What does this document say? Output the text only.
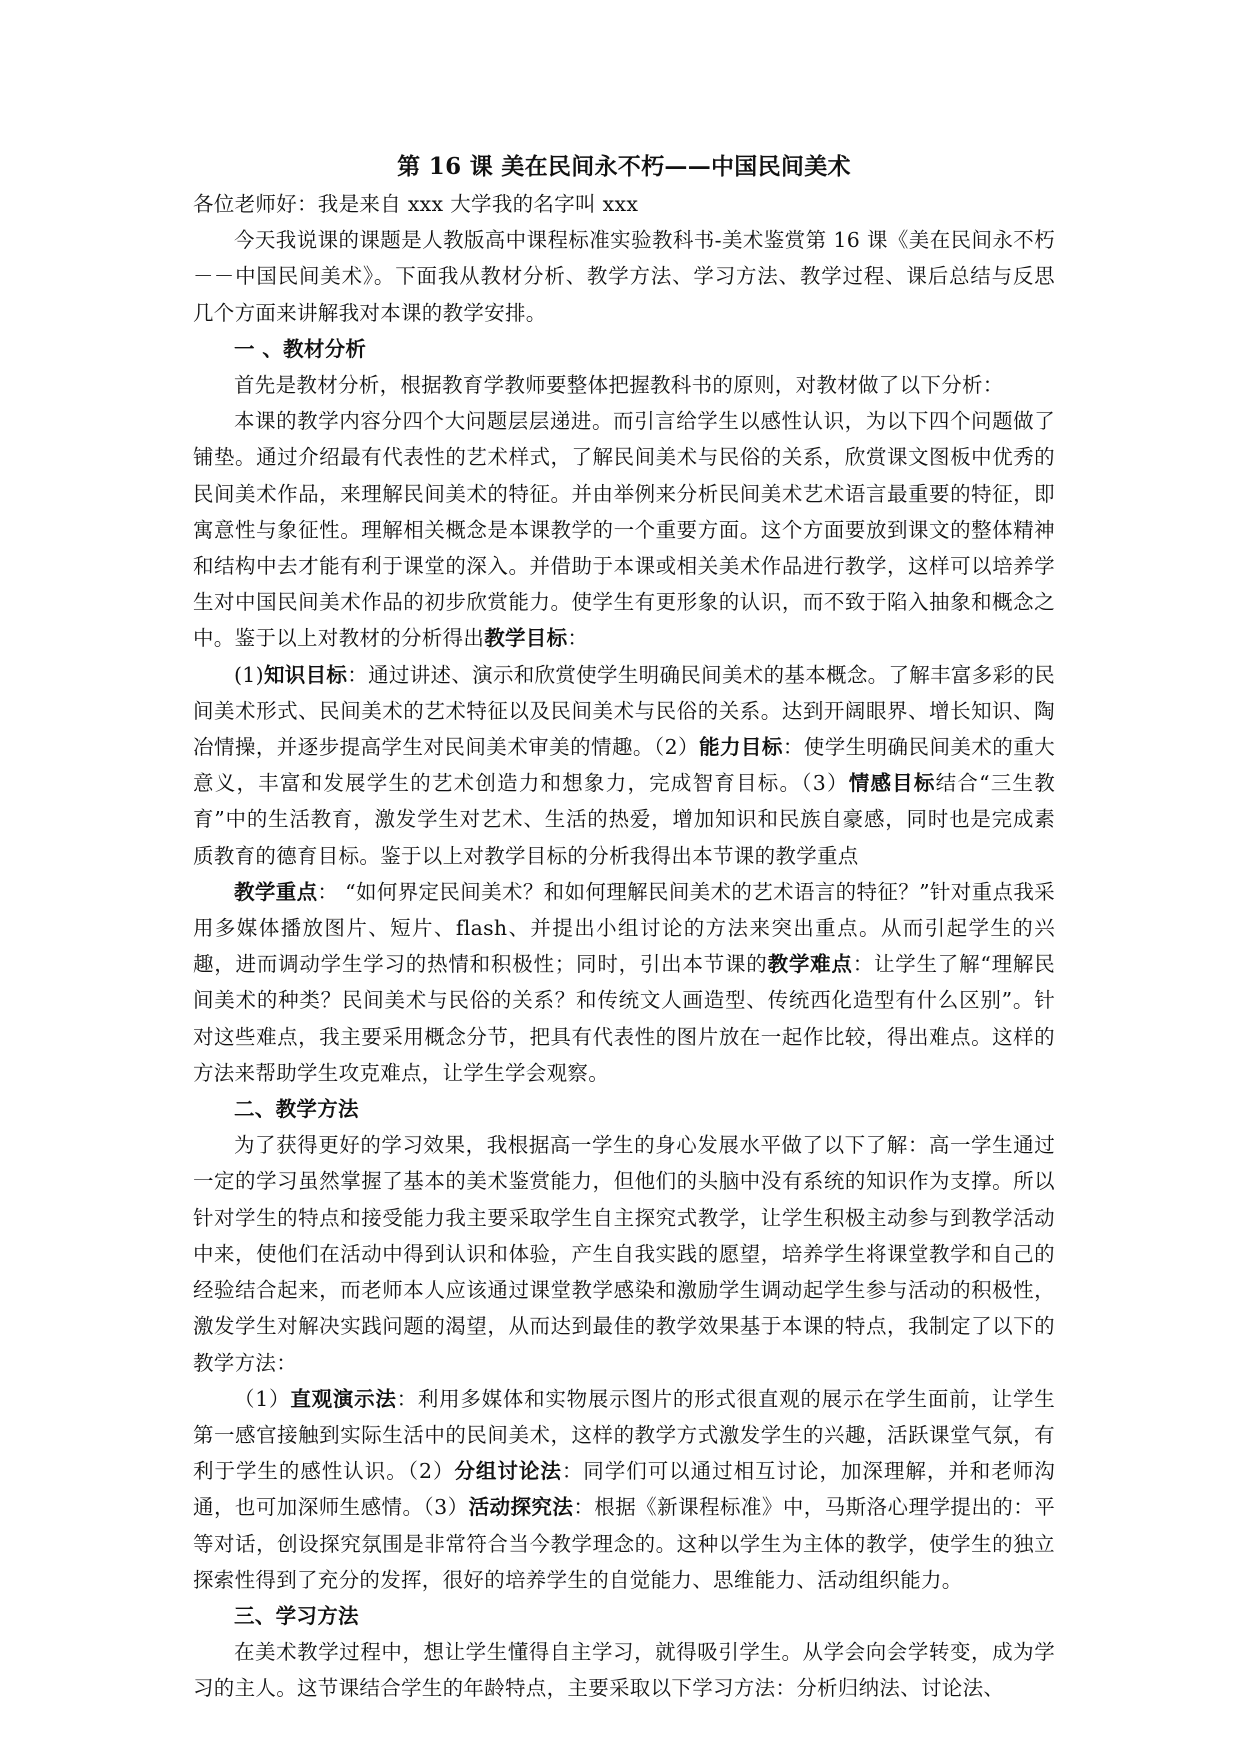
第 16 课 美在民间永不朽——中国民间美术
各位老师好：我是来自 xxx 大学我的名字叫 xxx

今天我说课的课题是人教版高中课程标准实验教科书-美术鉴赏第 16 课《美在民间永不朽－－中国民间美术》。下面我从教材分析、教学方法、学习方法、教学过程、课后总结与反思几个方面来讲解我对本课的教学安排。

一 、教材分析

首先是教材分析，根据教育学教师要整体把握教科书的原则，对教材做了以下分析：

本课的教学内容分四个大问题层层递进。而引言给学生以感性认识，为以下四个问题做了铺垫。通过介绍最有代表性的艺术样式，了解民间美术与民俗的关系，欣赏课文图板中优秀的民间美术作品，来理解民间美术的特征。并由举例来分析民间美术艺术语言最重要的特征，即寓意性与象征性。理解相关概念是本课教学的一个重要方面。这个方面要放到课文的整体精神和结构中去才能有利于课堂的深入。并借助于本课或相关美术作品进行教学，这样可以培养学生对中国民间美术作品的初步欣赏能力。使学生有更形象的认识，而不致于陷入抽象和概念之中。鉴于以上对教材的分析得出教学目标：

(1)知识目标：通过讲述、演示和欣赏使学生明确民间美术的基本概念。了解丰富多彩的民间美术形式、民间美术的艺术特征以及民间美术与民俗的关系。达到开阔眼界、增长知识、陶冶情操，并逐步提高学生对民间美术审美的情趣。（2）能力目标：使学生明确民间美术的重大意义，丰富和发展学生的艺术创造力和想象力，完成智育目标。（3）情感目标结合“三生教育”中的生活教育，激发学生对艺术、生活的热爱，增加知识和民族自豪感，同时也是完成素质教育的德育目标。鉴于以上对教学目标的分析我得出本节课的教学重点

教学重点： “如何界定民间美术？和如何理解民间美术的艺术语言的特征？”针对重点我采用多媒体播放图片、短片、flash、并提出小组讨论的方法来突出重点。从而引起学生的兴趣，进而调动学生学习的热情和积极性；同时，引出本节课的教学难点：让学生了解“理解民间美术的种类？民间美术与民俗的关系？和传统文人画造型、传统西化造型有什么区别”。针对这些难点，我主要采用概念分节，把具有代表性的图片放在一起作比较，得出难点。这样的方法来帮助学生攻克难点，让学生学会观察。

二、教学方法

为了获得更好的学习效果，我根据高一学生的身心发展水平做了以下了解：高一学生通过一定的学习虽然掌握了基本的美术鉴赏能力，但他们的头脑中没有系统的知识作为支撑。所以针对学生的特点和接受能力我主要采取学生自主探究式教学，让学生积极主动参与到教学活动中来，使他们在活动中得到认识和体验，产生自我实践的愿望，培养学生将课堂教学和自己的经验结合起来，而老师本人应该通过课堂教学感染和激励学生调动起学生参与活动的积极性，激发学生对解决实践问题的渴望，从而达到最佳的教学效果基于本课的特点，我制定了以下的教学方法：

（1）直观演示法：利用多媒体和实物展示图片的形式很直观的展示在学生面前，让学生第一感官接触到实际生活中的民间美术，这样的教学方式激发学生的兴趣，活跃课堂气氛，有利于学生的感性认识。（2）分组讨论法：同学们可以通过相互讨论，加深理解，并和老师沟通，也可加深师生感情。（3）活动探究法：根据《新课程标准》中，马斯洛心理学提出的：平等对话，创设探究氛围是非常符合当今教学理念的。这种以学生为主体的教学，使学生的独立探索性得到了充分的发挥，很好的培养学生的自觉能力、思维能力、活动组织能力。

三、学习方法

在美术教学过程中，想让学生懂得自主学习，就得吸引学生。从学会向会学转变，成为学习的主人。这节课结合学生的年龄特点，主要采取以下学习方法：分析归纳法、讨论法、
